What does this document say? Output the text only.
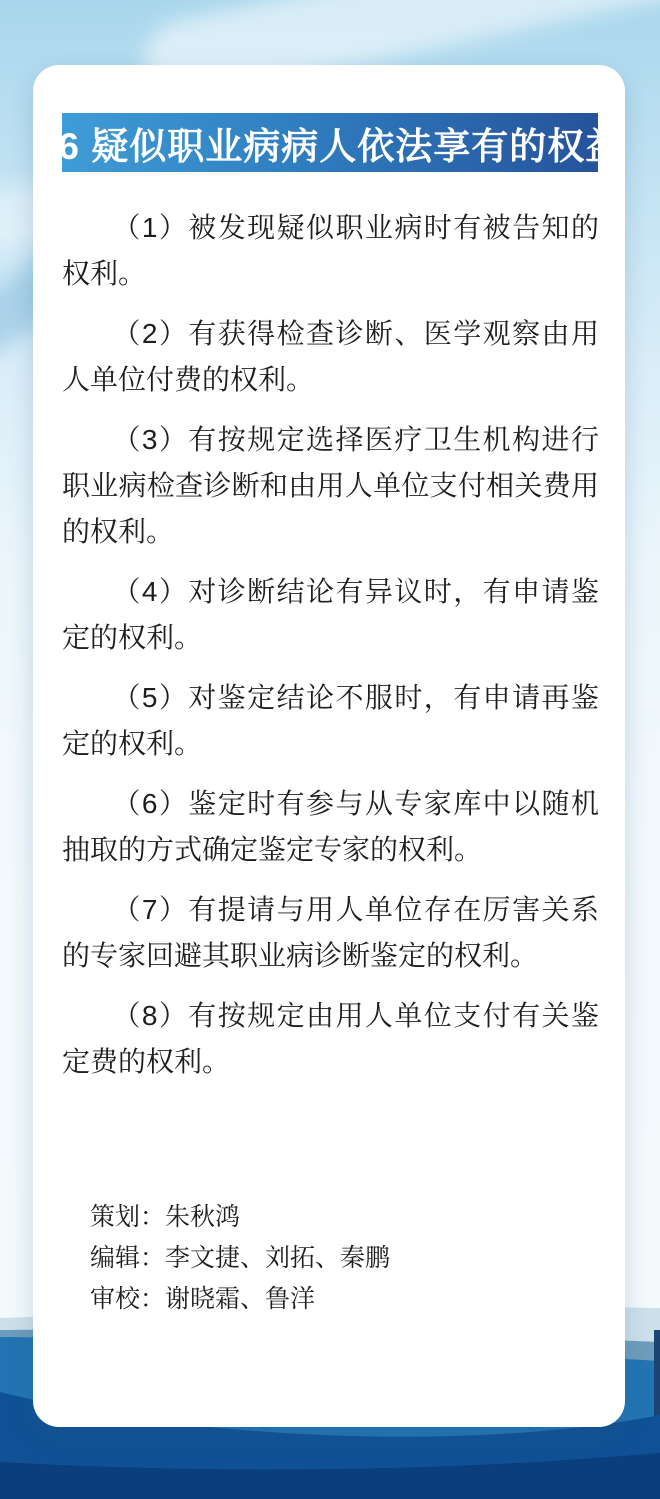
06 疑似职业病病人依法享有的权益

（1）被发现疑似职业病时有被告知的权利。

（2）有获得检查诊断、医学观察由用人单位付费的权利。

（3）有按规定选择医疗卫生机构进行职业病检查诊断和由用人单位支付相关费用的权利。

（4）对诊断结论有异议时，有申请鉴定的权利。

（5）对鉴定结论不服时，有申请再鉴定的权利。

（6）鉴定时有参与从专家库中以随机抽取的方式确定鉴定专家的权利。

（7）有提请与用人单位存在厉害关系的专家回避其职业病诊断鉴定的权利。

（8）有按规定由用人单位支付有关鉴定费的权利。

策划：朱秋鸿
编辑：李文捷、刘拓、秦鹏
审校：谢晓霜、鲁洋
